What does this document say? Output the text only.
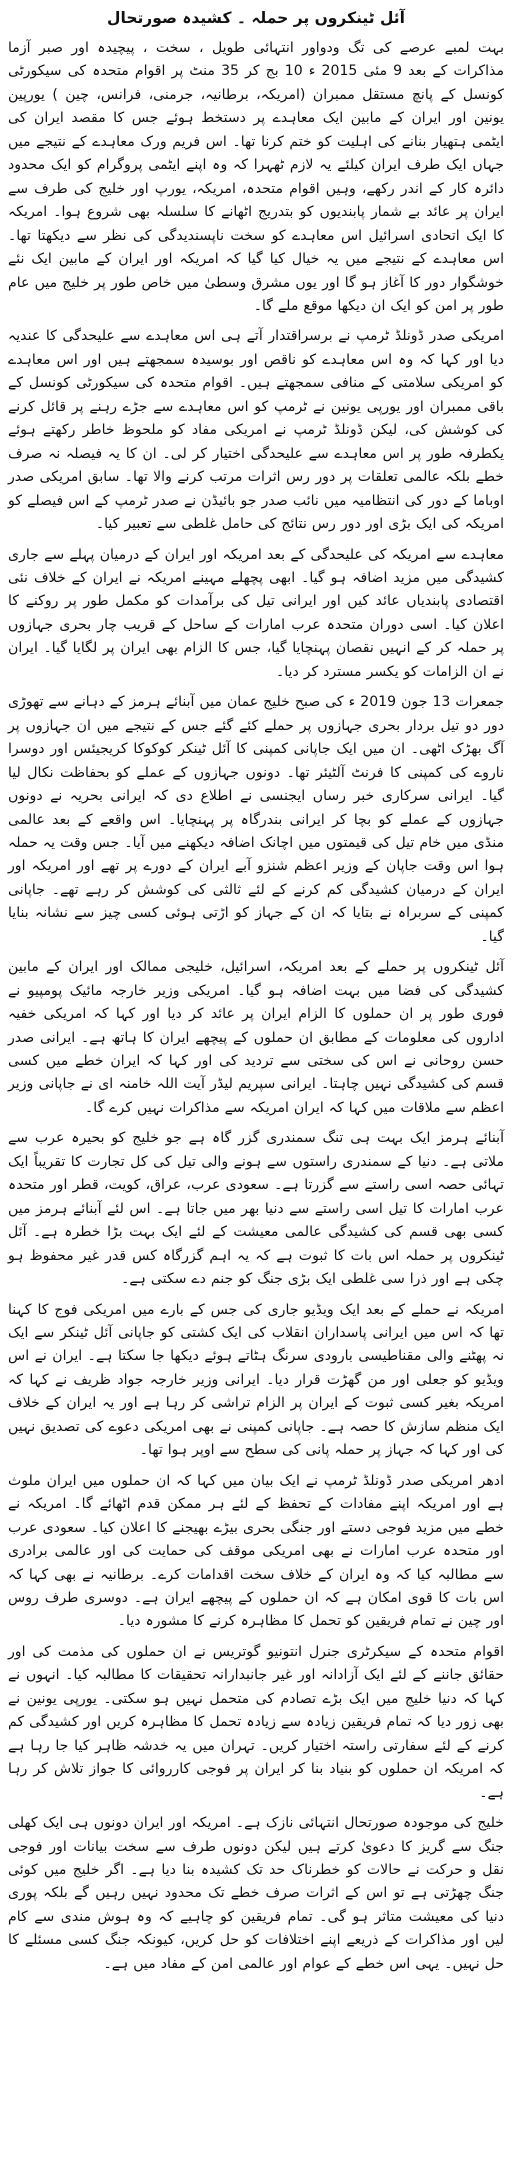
آئل ٹینکروں پر حملہ ۔ کشیدہ صورتحال

بہت لمبے عرصے کی تگ ودواور انتہائی طویل ، سخت ، پیچیدہ اور صبر آزما مذاکرات کے بعد 9 مئی 2015 ء 10 بج کر 35 منٹ پر اقوام متحدہ کی سیکورٹی کونسل کے پانچ مستقل ممبران (امریکہ، برطانیہ، جرمنی، فرانس، چین ) یورپین یونین اور ایران کے مابین ایک معاہدے پر دستخط ہوئے جس کا مقصد ایران کی ایٹمی ہتھیار بنانے کی اہلیت کو ختم کرنا تھا۔ اس فریم ورک معاہدے کے نتیجے میں جہاں ایک طرف ایران کیلئے یہ لازم ٹھہرا کہ وہ اپنے ایٹمی پروگرام کو ایک محدود دائرہ کار کے اندر رکھے، وہیں اقوام متحدہ، امریکہ، یورپ اور خلیج کی طرف سے ایران پر عائد بے شمار پابندیوں کو بتدریج اٹھانے کا سلسلہ بھی شروع ہوا۔ امریکہ کا ایک اتحادی اسرائیل اس معاہدے کو سخت ناپسندیدگی کی نظر سے دیکھتا تھا۔ اس معاہدے کے نتیجے میں یہ خیال کیا گیا کہ امریکہ اور ایران کے مابین ایک نئے خوشگوار دور کا آغاز ہو گا اور یوں مشرق وسطیٰ میں خاص طور پر خلیج میں عام طور پر امن کو ایک ان دیکھا موقع ملے گا۔

امریکی صدر ڈونلڈ ٹرمپ نے برسراقتدار آتے ہی اس معاہدے سے علیحدگی کا عندیہ دیا اور کہا کہ وہ اس معاہدے کو ناقص اور بوسیدہ سمجھتے ہیں اور اس معاہدے کو امریکی سلامتی کے منافی سمجھتے ہیں۔ اقوام متحدہ کی سیکورٹی کونسل کے باقی ممبران اور یورپی یونین نے ٹرمپ کو اس معاہدے سے جڑے رہنے پر قائل کرنے کی کوشش کی، لیکن ڈونلڈ ٹرمپ نے امریکی مفاد کو ملحوظ خاطر رکھتے ہوئے یکطرفہ طور پر اس معاہدے سے علیحدگی اختیار کر لی۔ ان کا یہ فیصلہ نہ صرف خطے بلکہ عالمی تعلقات پر دور رس اثرات مرتب کرنے والا تھا۔ سابق امریکی صدر اوباما کے دور کی انتظامیہ میں نائب صدر جو بائیڈن نے صدر ٹرمپ کے اس فیصلے کو امریکہ کی ایک بڑی اور دور رس نتائج کی حامل غلطی سے تعبیر کیا۔

معاہدے سے امریکہ کی علیحدگی کے بعد امریکہ اور ایران کے درمیان پہلے سے جاری کشیدگی میں مزید اضافہ ہو گیا۔ ابھی پچھلے مہینے امریکہ نے ایران کے خلاف نئی اقتصادی پابندیاں عائد کیں اور ایرانی تیل کی برآمدات کو مکمل طور پر روکنے کا اعلان کیا۔ اسی دوران متحدہ عرب امارات کے ساحل کے قریب چار بحری جہازوں پر حملہ کر کے انہیں نقصان پہنچایا گیا، جس کا الزام بھی ایران پر لگایا گیا۔ ایران نے ان الزامات کو یکسر مسترد کر دیا۔

جمعرات 13 جون 2019 ء کی صبح خلیج عمان میں آبنائے ہرمز کے دہانے سے تھوڑی دور دو تیل بردار بحری جہازوں پر حملے کئے گئے جس کے نتیجے میں ان جہازوں پر آگ بھڑک اٹھی۔ ان میں ایک جاپانی کمپنی کا آئل ٹینکر کوکوکا کریجیئس اور دوسرا ناروے کی کمپنی کا فرنٹ آلٹیئر تھا۔ دونوں جہازوں کے عملے کو بحفاظت نکال لیا گیا۔ ایرانی سرکاری خبر رساں ایجنسی نے اطلاع دی کہ ایرانی بحریہ نے دونوں جہازوں کے عملے کو بچا کر ایرانی بندرگاہ پر پہنچایا۔ اس واقعے کے بعد عالمی منڈی میں خام تیل کی قیمتوں میں اچانک اضافہ دیکھنے میں آیا۔ جس وقت یہ حملہ ہوا اس وقت جاپان کے وزیر اعظم شنزو آبے ایران کے دورے پر تھے اور امریکہ اور ایران کے درمیان کشیدگی کم کرنے کے لئے ثالثی کی کوشش کر رہے تھے۔ جاپانی کمپنی کے سربراہ نے بتایا کہ ان کے جہاز کو اڑتی ہوئی کسی چیز سے نشانہ بنایا گیا۔

آئل ٹینکروں پر حملے کے بعد امریکہ، اسرائیل، خلیجی ممالک اور ایران کے مابین کشیدگی کی فضا میں بہت اضافہ ہو گیا۔ امریکی وزیر خارجہ مائیک پومپیو نے فوری طور پر ان حملوں کا الزام ایران پر عائد کر دیا اور کہا کہ امریکی خفیہ اداروں کی معلومات کے مطابق ان حملوں کے پیچھے ایران کا ہاتھ ہے۔ ایرانی صدر حسن روحانی نے اس کی سختی سے تردید کی اور کہا کہ ایران خطے میں کسی قسم کی کشیدگی نہیں چاہتا۔ ایرانی سپریم لیڈر آیت اللہ خامنہ ای نے جاپانی وزیر اعظم سے ملاقات میں کہا کہ ایران امریکہ سے مذاکرات نہیں کرے گا۔

آبنائے ہرمز ایک بہت ہی تنگ سمندری گزر گاہ ہے جو خلیج کو بحیرہ عرب سے ملاتی ہے۔ دنیا کے سمندری راستوں سے ہونے والی تیل کی کل تجارت کا تقریباً ایک تہائی حصہ اسی راستے سے گزرتا ہے۔ سعودی عرب، عراق، کویت، قطر اور متحدہ عرب امارات کا تیل اسی راستے سے دنیا بھر میں جاتا ہے۔ اس لئے آبنائے ہرمز میں کسی بھی قسم کی کشیدگی عالمی معیشت کے لئے ایک بہت بڑا خطرہ ہے۔ آئل ٹینکروں پر حملہ اس بات کا ثبوت ہے کہ یہ اہم گزرگاہ کس قدر غیر محفوظ ہو چکی ہے اور ذرا سی غلطی ایک بڑی جنگ کو جنم دے سکتی ہے۔

امریکہ نے حملے کے بعد ایک ویڈیو جاری کی جس کے بارے میں امریکی فوج کا کہنا تھا کہ اس میں ایرانی پاسداران انقلاب کی ایک کشتی کو جاپانی آئل ٹینکر سے ایک نہ پھٹنے والی مقناطیسی بارودی سرنگ ہٹاتے ہوئے دیکھا جا سکتا ہے۔ ایران نے اس ویڈیو کو جعلی اور من گھڑت قرار دیا۔ ایرانی وزیر خارجہ جواد ظریف نے کہا کہ امریکہ بغیر کسی ثبوت کے ایران پر الزام تراشی کر رہا ہے اور یہ ایران کے خلاف ایک منظم سازش کا حصہ ہے۔ جاپانی کمپنی نے بھی امریکی دعوے کی تصدیق نہیں کی اور کہا کہ جہاز پر حملہ پانی کی سطح سے اوپر ہوا تھا۔

ادھر امریکی صدر ڈونلڈ ٹرمپ نے ایک بیان میں کہا کہ ان حملوں میں ایران ملوث ہے اور امریکہ اپنے مفادات کے تحفظ کے لئے ہر ممکن قدم اٹھائے گا۔ امریکہ نے خطے میں مزید فوجی دستے اور جنگی بحری بیڑے بھیجنے کا اعلان کیا۔ سعودی عرب اور متحدہ عرب امارات نے بھی امریکی موقف کی حمایت کی اور عالمی برادری سے مطالبہ کیا کہ وہ ایران کے خلاف سخت اقدامات کرے۔ برطانیہ نے بھی کہا کہ اس بات کا قوی امکان ہے کہ ان حملوں کے پیچھے ایران ہے۔ دوسری طرف روس اور چین نے تمام فریقین کو تحمل کا مظاہرہ کرنے کا مشورہ دیا۔

اقوام متحدہ کے سیکرٹری جنرل انتونیو گوتریس نے ان حملوں کی مذمت کی اور حقائق جاننے کے لئے ایک آزادانہ اور غیر جانبدارانہ تحقیقات کا مطالبہ کیا۔ انہوں نے کہا کہ دنیا خلیج میں ایک بڑے تصادم کی متحمل نہیں ہو سکتی۔ یورپی یونین نے بھی زور دیا کہ تمام فریقین زیادہ سے زیادہ تحمل کا مظاہرہ کریں اور کشیدگی کم کرنے کے لئے سفارتی راستہ اختیار کریں۔ تہران میں یہ خدشہ ظاہر کیا جا رہا ہے کہ امریکہ ان حملوں کو بنیاد بنا کر ایران پر فوجی کارروائی کا جواز تلاش کر رہا ہے۔

خلیج کی موجودہ صورتحال انتہائی نازک ہے۔ امریکہ اور ایران دونوں ہی ایک کھلی جنگ سے گریز کا دعویٰ کرتے ہیں لیکن دونوں طرف سے سخت بیانات اور فوجی نقل و حرکت نے حالات کو خطرناک حد تک کشیدہ بنا دیا ہے۔ اگر خلیج میں کوئی جنگ چھڑتی ہے تو اس کے اثرات صرف خطے تک محدود نہیں رہیں گے بلکہ پوری دنیا کی معیشت متاثر ہو گی۔ تمام فریقین کو چاہیے کہ وہ ہوش مندی سے کام لیں اور مذاکرات کے ذریعے اپنے اختلافات کو حل کریں، کیونکہ جنگ کسی مسئلے کا حل نہیں۔ یہی اس خطے کے عوام اور عالمی امن کے مفاد میں ہے۔
